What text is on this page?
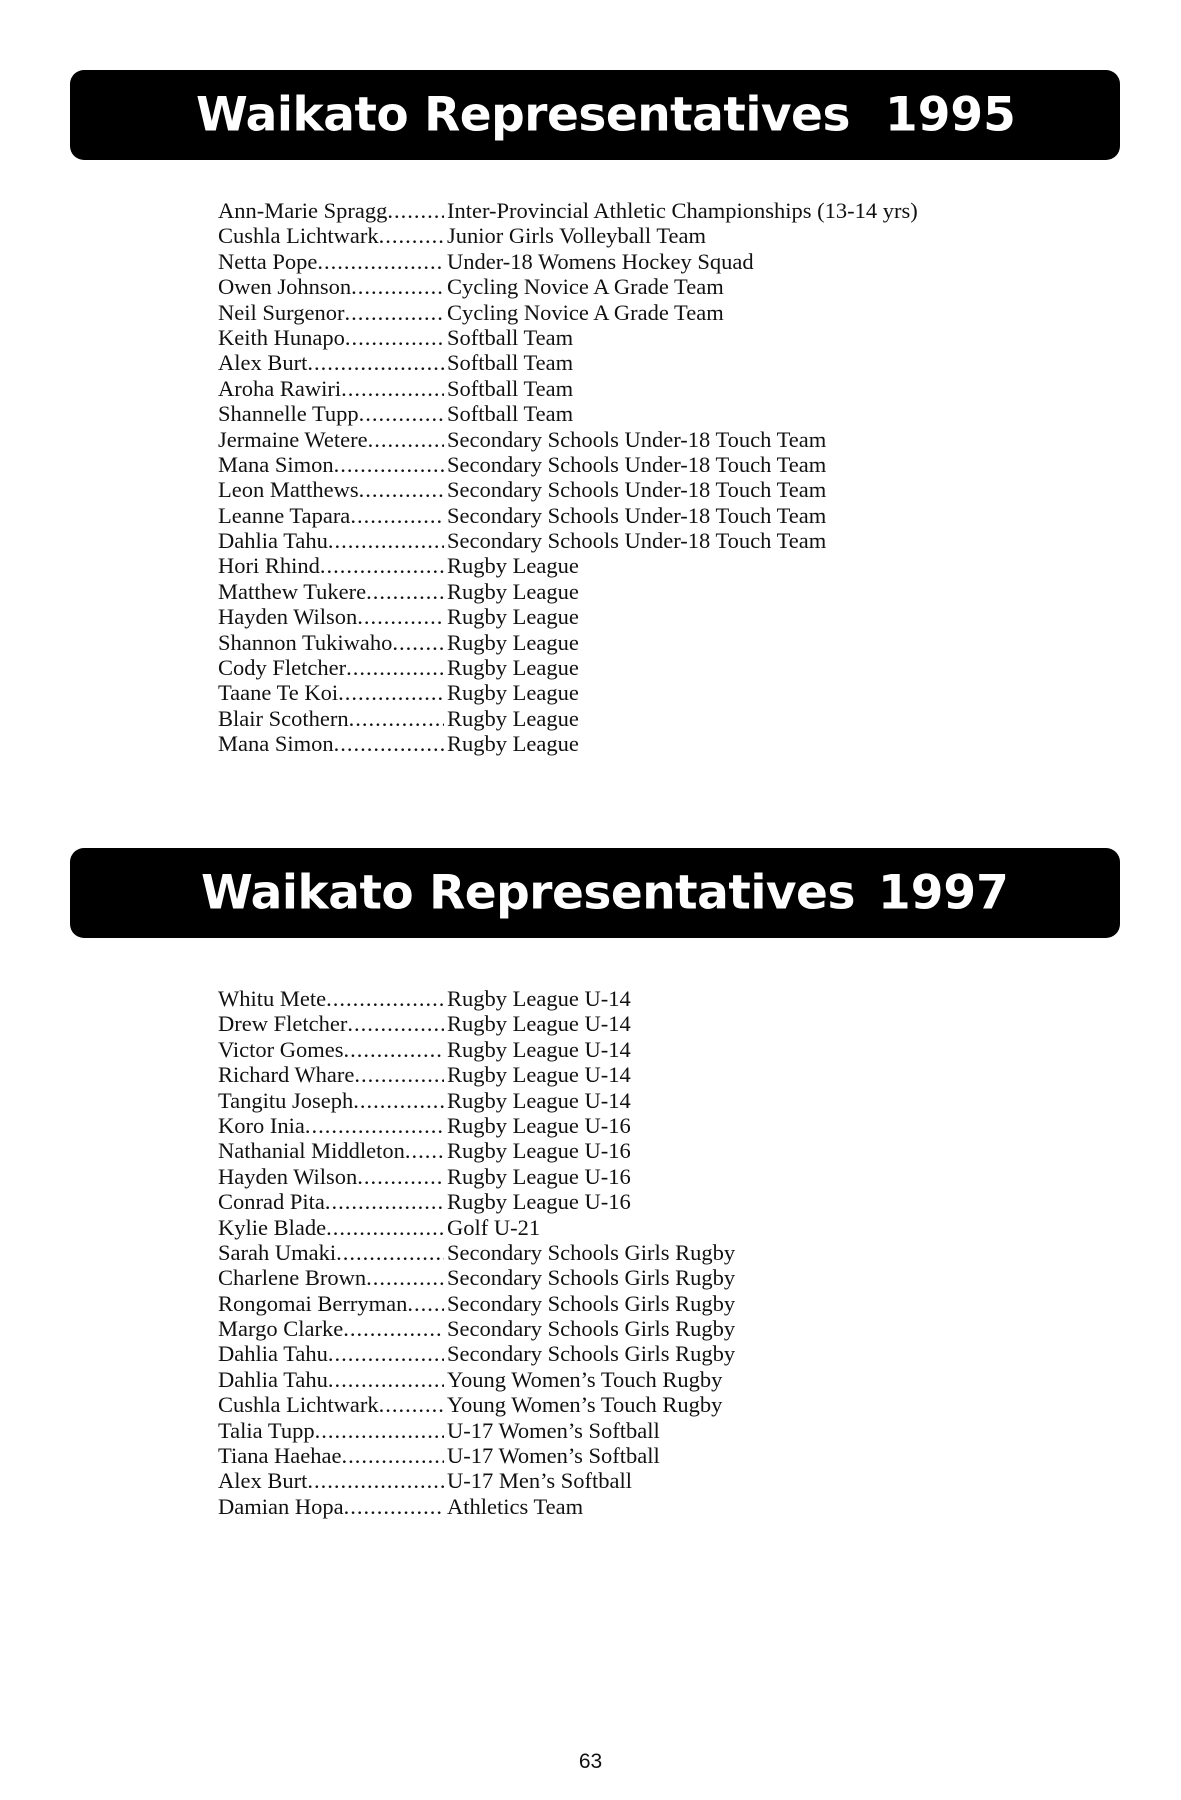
Waikato Representatives 1995
Ann-Marie Spragg .....	Inter-Provincial Athletic Championships (13-14 yrs)
Cushla Lichtwark .....	Junior Girls Volleyball Team
Netta Pope .....	Under-18 Womens Hockey Squad
Owen Johnson .....	Cycling Novice A Grade Team
Neil Surgenor .....	Cycling Novice A Grade Team
Keith Hunapo .....	Softball Team
Alex Burt .....	Softball Team
Aroha Rawiri .....	Softball Team
Shannelle Tupp .....	Softball Team
Jermaine Wetere .....	Secondary Schools Under-18 Touch Team
Mana Simon .....	Secondary Schools Under-18 Touch Team
Leon Matthews .....	Secondary Schools Under-18 Touch Team
Leanne Tapara .....	Secondary Schools Under-18 Touch Team
Dahlia Tahu .....	Secondary Schools Under-18 Touch Team
Hori Rhind .....	Rugby League
Matthew Tukere .....	Rugby League
Hayden Wilson .....	Rugby League
Shannon Tukiwaho ..... Rugby League
Cody Fletcher .....	Rugby League
Taane Te Koi .....	Rugby League
Blair Scothern .....	Rugby League
Mana Simon .....	Rugby League
Waikato Representatives 1997
Whitu Mete .....	Rugby League U-14
Drew Fletcher .....	Rugby League U-14
Victor Gomes .....	Rugby League U-14
Richard Whare .....	Rugby League U-14
Tangitu Joseph .....	Rugby League U-14
Koro Inia .....	Rugby League U-16
Nathanial Middleton ..... Rugby League U-16
Hayden Wilson .....	Rugby League U-16
Conrad Pita .....	Rugby League U-16
Kylie Blade .....	Golf U-21
Sarah Umaki .....	Secondary Schools Girls Rugby
Charlene Brown .....	Secondary Schools Girls Rugby
Rongomai Berryman ..... Secondary Schools Girls Rugby
Margo Clarke .....	Secondary Schools Girls Rugby
Dahlia Tahu .....	Secondary Schools Girls Rugby
Dahlia Tahu .....	Young Women’s Touch Rugby
Cushla Lichtwark .....	Young Women’s Touch Rugby
Talia Tupp .....	U-17 Women’s Softball
Tiana Haehae .....	U-17 Women’s Softball
Alex Burt .....	U-17 Men’s Softball
Damian Hopa .....	Athletics Team
63
